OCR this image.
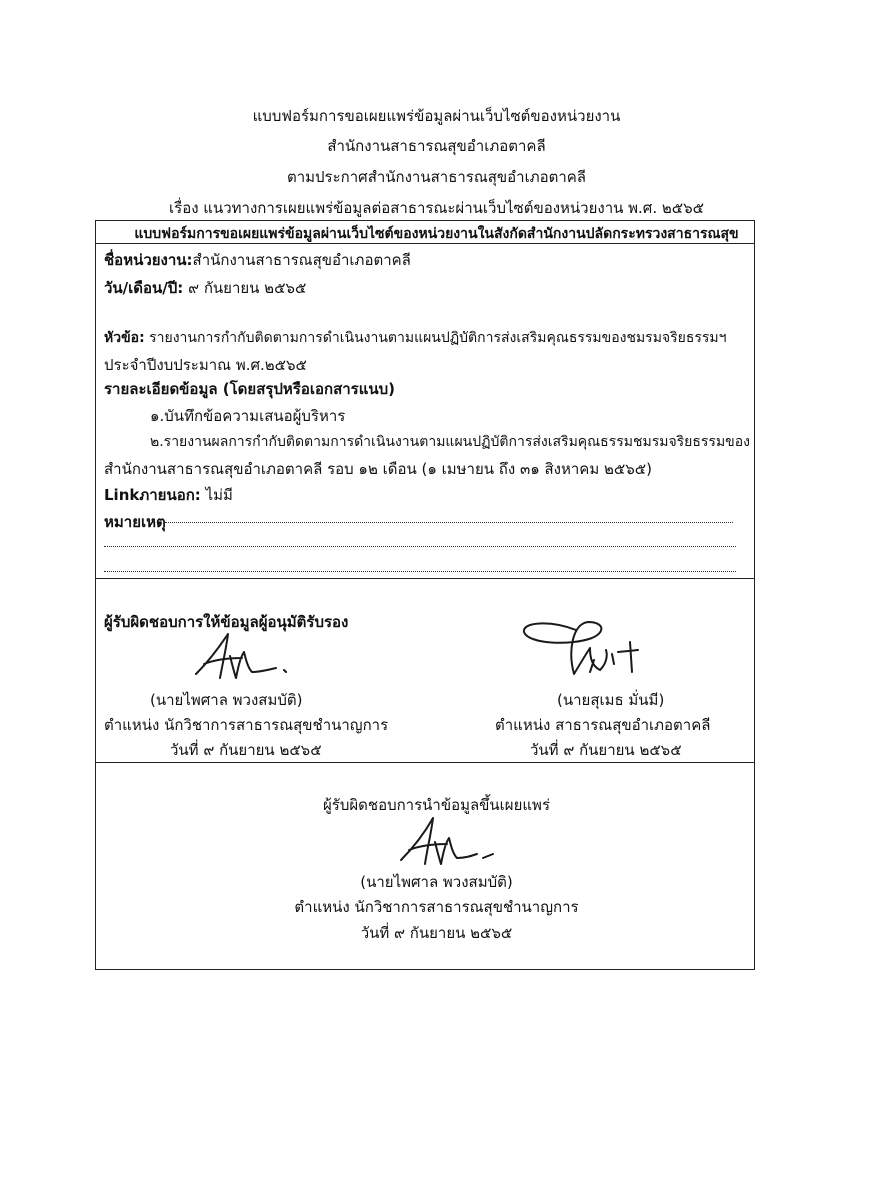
แบบฟอร์มการขอเผยแพร่ข้อมูลผ่านเว็บไซต์ของหน่วยงาน
สำนักงานสาธารณสุขอำเภอตาคลี
ตามประกาศสำนักงานสาธารณสุขอำเภอตาคลี
เรื่อง แนวทางการเผยแพร่ข้อมูลต่อสาธารณะผ่านเว็บไซต์ของหน่วยงาน พ.ศ. ๒๕๖๕
แบบฟอร์มการขอเผยแพร่ข้อมูลผ่านเว็บไซต์ของหน่วยงานในสังกัดสำนักงานปลัดกระทรวงสาธารณสุข
ชื่อหน่วยงาน:สำนักงานสาธารณสุขอำเภอตาคลี
วัน/เดือน/ปี: ๙ กันยายน ๒๕๖๕
หัวข้อ: รายงานการกำกับติดตามการดำเนินงานตามแผนปฏิบัติการส่งเสริมคุณธรรมของชมรมจริยธรรมฯ
ประจำปีงบประมาณ พ.ศ.๒๕๖๕
รายละเอียดข้อมูล (โดยสรุปหรือเอกสารแนบ)
๑.บันทึกข้อความเสนอผู้บริหาร
๒.รายงานผลการกำกับติดตามการดำเนินงานตามแผนปฏิบัติการส่งเสริมคุณธรรมชมรมจริยธรรมของ
สำนักงานสาธารณสุขอำเภอตาคลี รอบ ๑๒ เดือน (๑ เมษายน ถึง ๓๑ สิงหาคม ๒๕๖๕)
Linkภายนอก: ไม่มี
หมายเหตุ
ผู้รับผิดชอบการให้ข้อมูลผู้อนุมัติรับรอง
(นายไพศาล พวงสมบัติ)
ตำแหน่ง นักวิชาการสาธารณสุขชำนาญการ
วันที่ ๙ กันยายน ๒๕๖๕
(นายสุเมธ มั่นมี)
ตำแหน่ง สาธารณสุขอำเภอตาคลี
วันที่ ๙ กันยายน ๒๕๖๕
ผู้รับผิดชอบการนำข้อมูลขึ้นเผยแพร่
(นายไพศาล พวงสมบัติ)
ตำแหน่ง นักวิชาการสาธารณสุขชำนาญการ
วันที่ ๙ กันยายน ๒๕๖๕
